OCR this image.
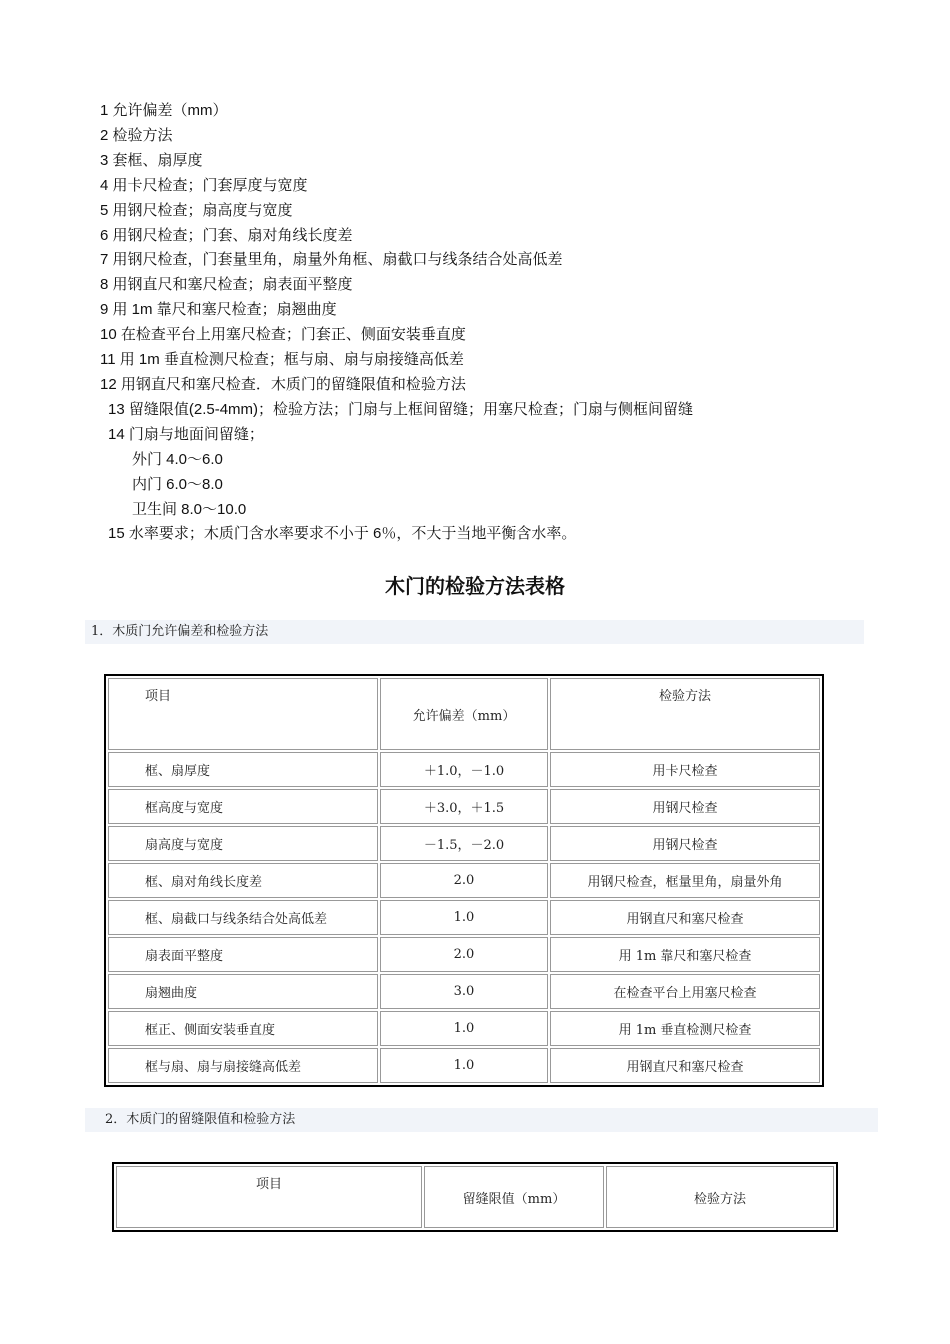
1 允许偏差（mm）
2 检验方法
3 套框、扇厚度
4 用卡尺检查；门套厚度与宽度
5 用钢尺检查；扇高度与宽度
6 用钢尺检查；门套、扇对角线长度差
7 用钢尺检查，门套量里角，扇量外角框、扇截口与线条结合处高低差
8 用钢直尺和塞尺检查；扇表面平整度
9 用 1m 靠尺和塞尺检查；扇翘曲度
10 在检查平台上用塞尺检查；门套正、侧面安装垂直度
11 用 1m 垂直检测尺检查；框与扇、扇与扇接缝高低差
12 用钢直尺和塞尺检查．木质门的留缝限值和检验方法
13 留缝限值(2.5-4mm)；检验方法；门扇与上框间留缝；用塞尺检查；门扇与侧框间留缝
14 门扇与地面间留缝；
外门 4.0～6.0
内门 6.0～8.0
卫生间 8.0～10.0
15 水率要求；木质门含水率要求不小于 6％，不大于当地平衡含水率。
木门的检验方法表格
1．木质门允许偏差和检验方法
项目	允许偏差（mm）	检验方法
框、扇厚度	＋1.0，－1.0	用卡尺检查
框高度与宽度	＋3.0，＋1.5	用钢尺检查
扇高度与宽度	－1.5，－2.0	用钢尺检查
框、扇对角线长度差	2.0	用钢尺检查，框量里角，扇量外角
框、扇截口与线条结合处高低差	1.0	用钢直尺和塞尺检查
扇表面平整度	2.0	用 1m 靠尺和塞尺检查
扇翘曲度	3.0	在检查平台上用塞尺检查
框正、侧面安装垂直度	1.0	用 1m 垂直检测尺检查
框与扇、扇与扇接缝高低差	1.0	用钢直尺和塞尺检查
2．木质门的留缝限值和检验方法
项目	留缝限值（mm）	检验方法
